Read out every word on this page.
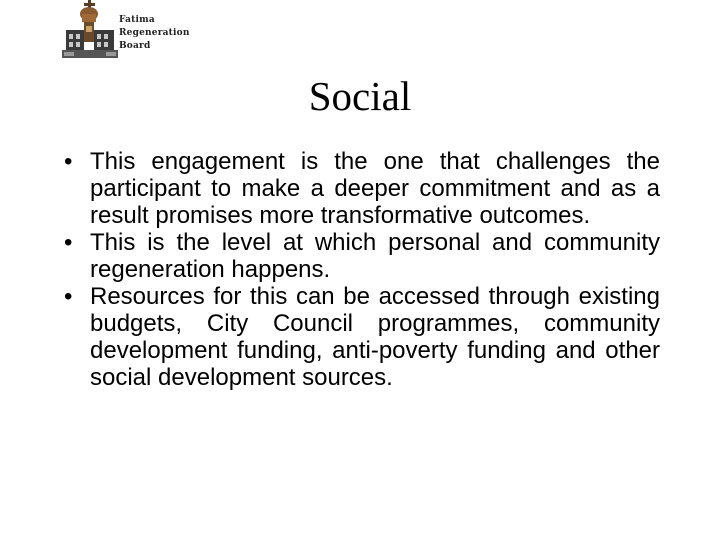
Fatima
Regeneration
Board
Social
• This engagement is the one that challenges the participant to make a deeper commitment and as a result promises more transformative outcomes.
• This is the level at which personal and community regeneration happens.
• Resources for this can be accessed through existing budgets, City Council programmes, community development funding, anti-poverty funding and other social development sources.
